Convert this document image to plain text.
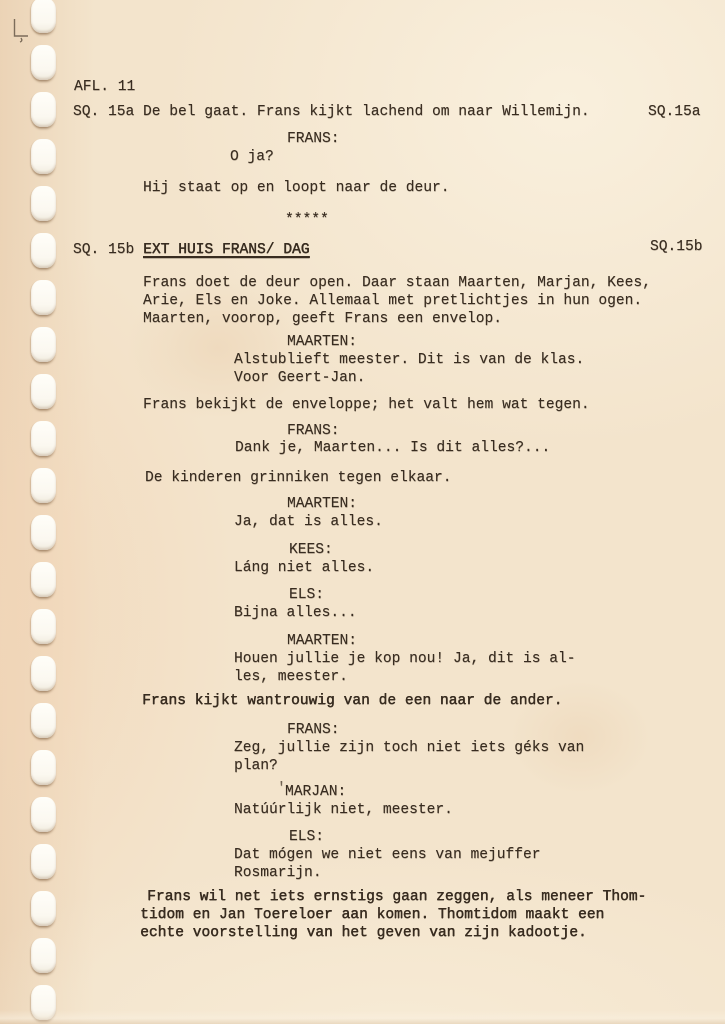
AFL. 11
SQ. 15a De bel gaat. Frans kijkt lachend om naar Willemijn.	SQ.15a
FRANS:
O ja?
Hij staat op en loopt naar de deur.
*****
SQ. 15b EXT HUIS FRANS/ DAG	SQ.15b
Frans doet de deur open. Daar staan Maarten, Marjan, Kees,
Arie, Els en Joke. Allemaal met pretlichtjes in hun ogen.
Maarten, voorop, geeft Frans een envelop.
MAARTEN:
Alstublieft meester. Dit is van de klas.
Voor Geert-Jan.
Frans bekijkt de enveloppe; het valt hem wat tegen.
FRANS:
Dank je, Maarten... Is dit alles?...
De kinderen grinniken tegen elkaar.
MAARTEN:
Ja, dat is alles.
KEES:
Láng niet alles.
ELS:
Bijna alles...
MAARTEN:
Houen jullie je kop nou! Ja, dit is al-
les, meester.
Frans kijkt wantrouwig van de een naar de ander.
FRANS:
Zeg, jullie zijn toch niet iets géks van
plan?
' MARJAN:
Natúúrlijk niet, meester.
ELS:
Dat mógen we niet eens van mejuffer
Rosmarijn.
Frans wil net iets ernstigs gaan zeggen, als meneer Thom-
tidom en Jan Toereloer aan komen. Thomtidom maakt een
echte voorstelling van het geven van zijn kadootje.
